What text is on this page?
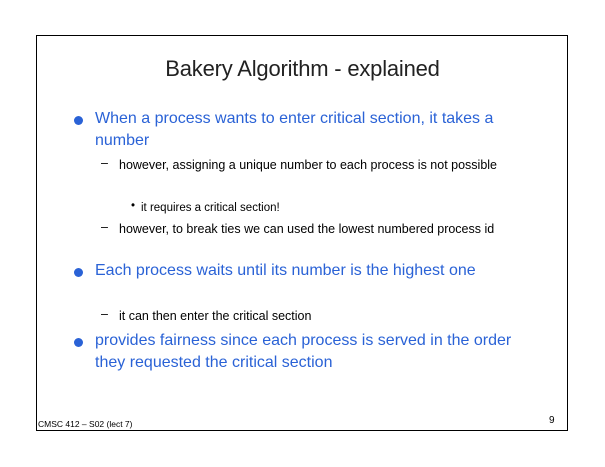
Bakery Algorithm - explained
When a process wants to enter critical section, it takes a number
– however, assigning a unique number to each process is not possible
• it requires a critical section!
– however, to break ties we can used the lowest numbered process id
Each process waits until its number is the highest one
– it can then enter the critical section
provides fairness since each process is served in the order they requested the critical section
CMSC 412 – S02 (lect 7)	9
